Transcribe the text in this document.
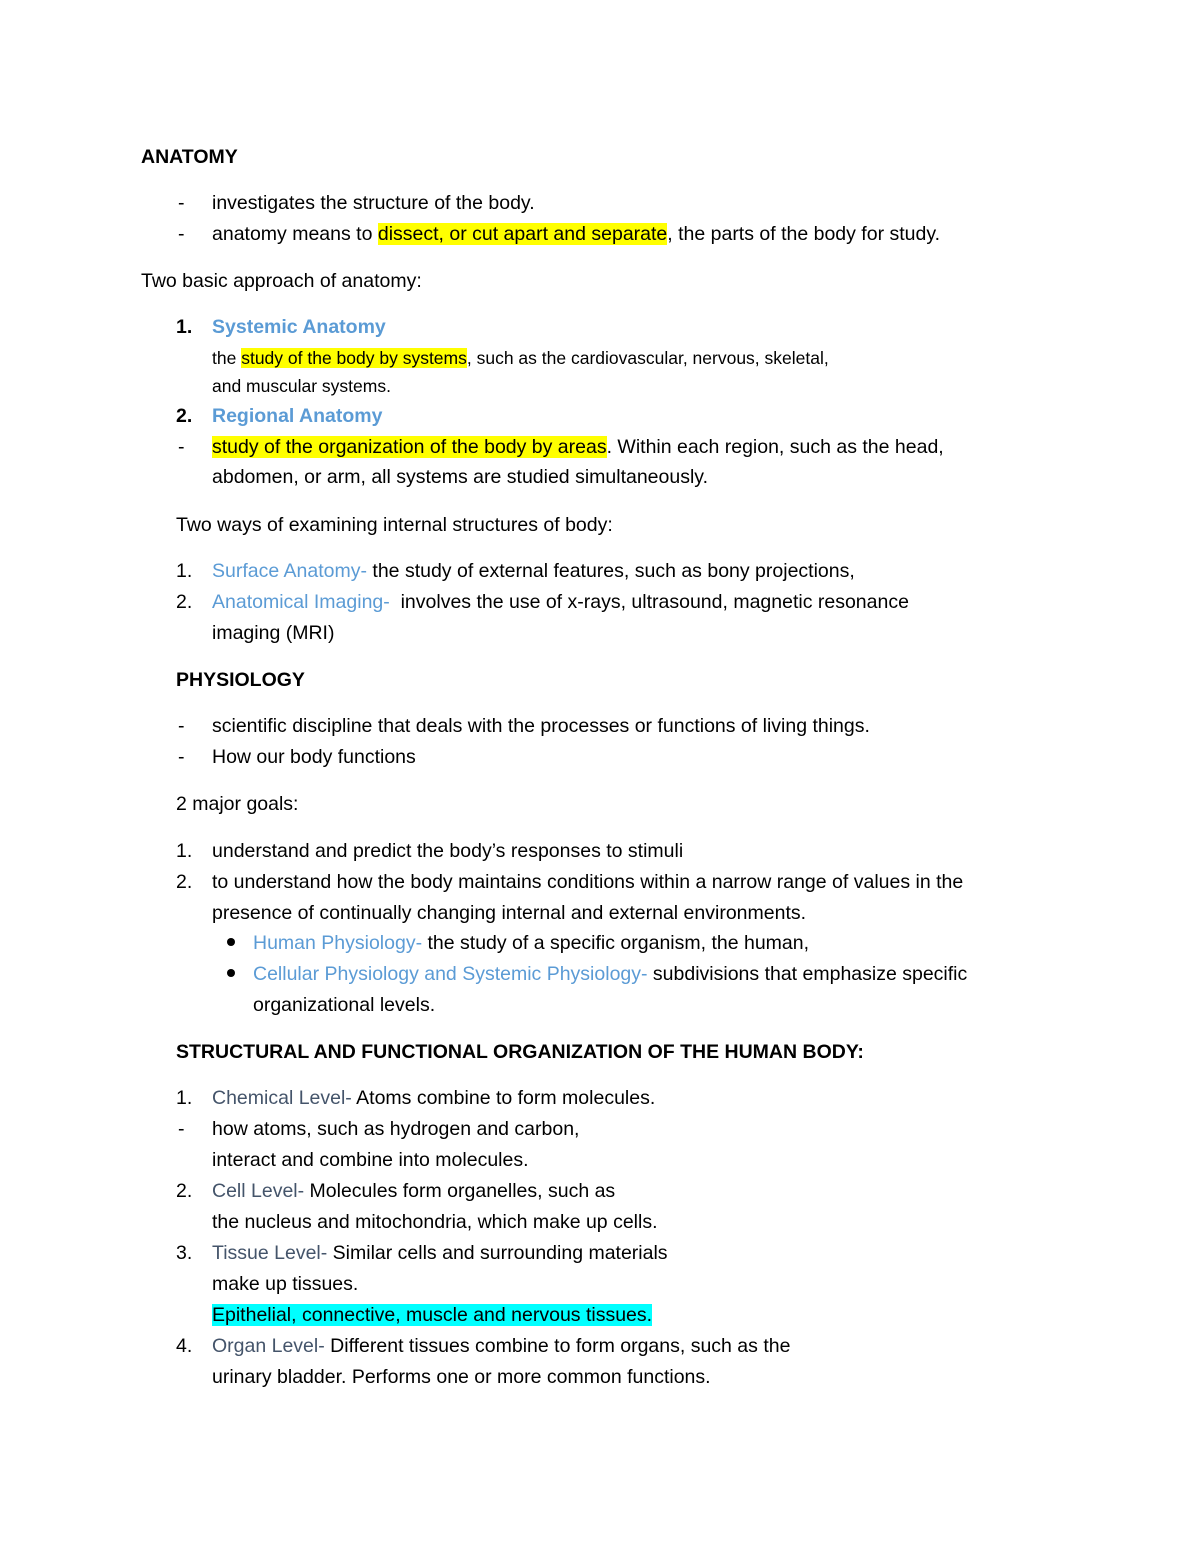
ANATOMY
- investigates the structure of the body.
- anatomy means to dissect, or cut apart and separate, the parts of the body for study.
Two basic approach of anatomy:
1. Systemic Anatomy
the study of the body by systems, such as the cardiovascular, nervous, skeletal,
and muscular systems.
2. Regional Anatomy
- study of the organization of the body by areas. Within each region, such as the head,
abdomen, or arm, all systems are studied simultaneously.
Two ways of examining internal structures of body:
1. Surface Anatomy- the study of external features, such as bony projections,
2. Anatomical Imaging-  involves the use of x-rays, ultrasound, magnetic resonance
imaging (MRI)
PHYSIOLOGY
- scientific discipline that deals with the processes or functions of living things.
- How our body functions
2 major goals:
1. understand and predict the body’s responses to stimuli
2. to understand how the body maintains conditions within a narrow range of values in the
presence of continually changing internal and external environments.
Human Physiology- the study of a specific organism, the human,
Cellular Physiology and Systemic Physiology- subdivisions that emphasize specific
organizational levels.
STRUCTURAL AND FUNCTIONAL ORGANIZATION OF THE HUMAN BODY:
1. Chemical Level- Atoms combine to form molecules.
- how atoms, such as hydrogen and carbon,
interact and combine into molecules.
2. Cell Level- Molecules form organelles, such as
the nucleus and mitochondria, which make up cells.
3. Tissue Level- Similar cells and surrounding materials
make up tissues.
Epithelial, connective, muscle and nervous tissues.
4. Organ Level- Different tissues combine to form organs, such as the
urinary bladder. Performs one or more common functions.
